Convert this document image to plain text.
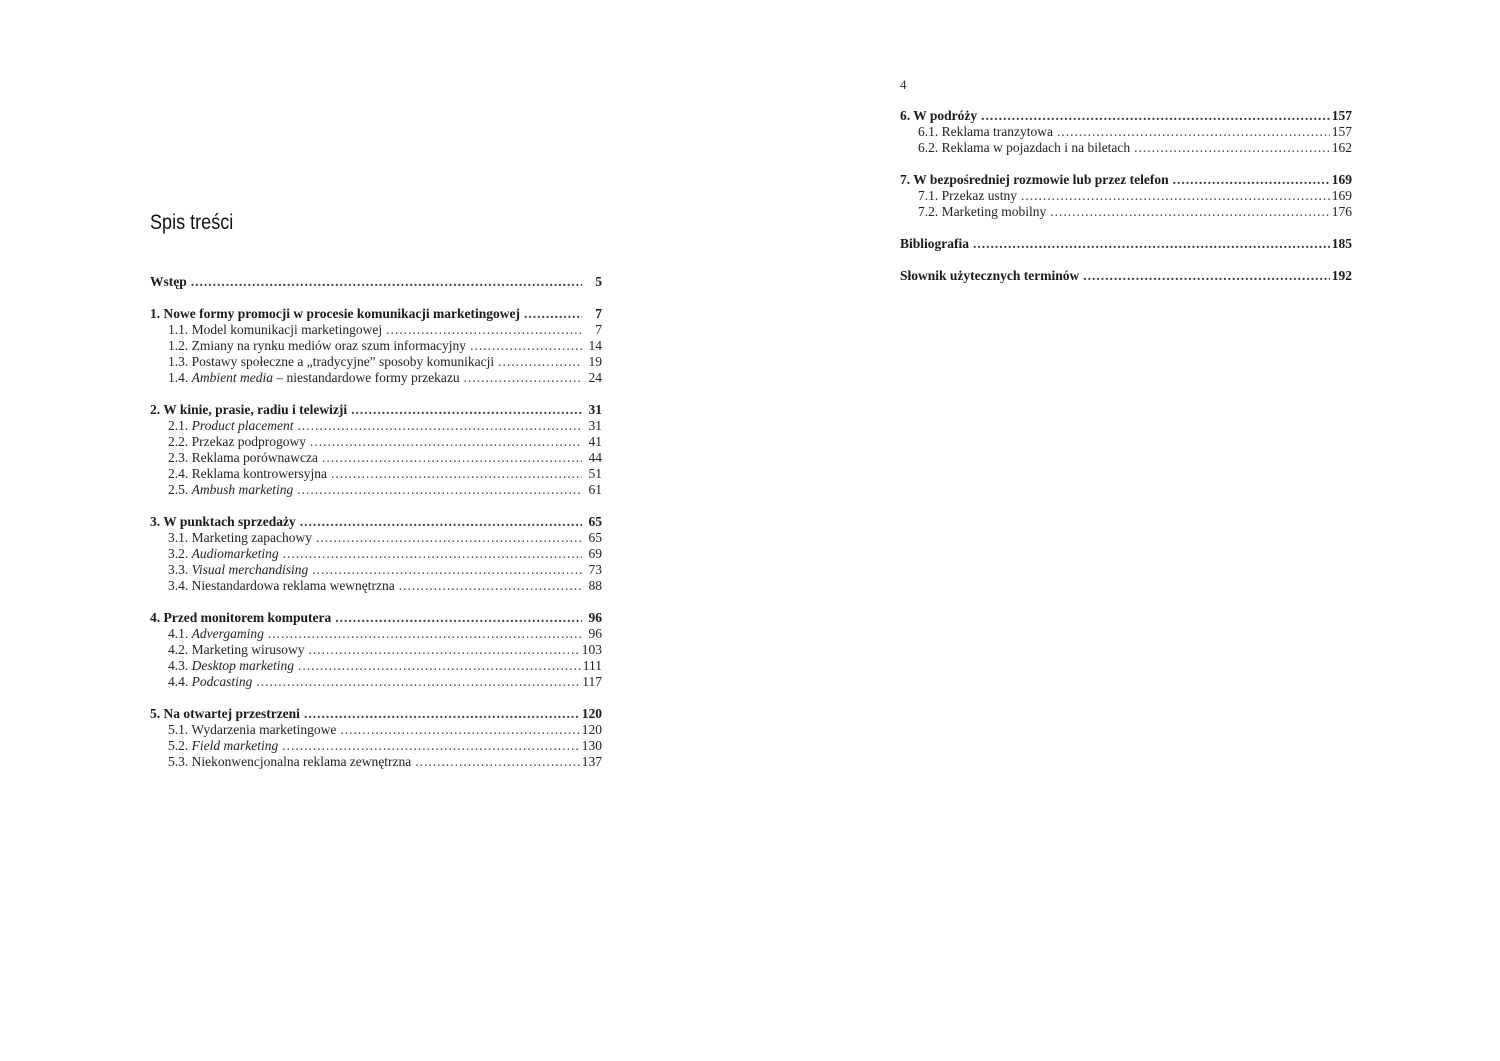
Spis treści
4
Wstęp .....	5
1. Nowe formy promocji w procesie komunikacji marketingowej .....	7
1.1. Model komunikacji marketingowej .....	7
1.2. Zmiany na rynku mediów oraz szum informacyjny .....	14
1.3. Postawy społeczne a „tradycyjne” sposoby komunikacji .....	19
1.4. Ambient media – niestandardowe formy przekazu .....	24
2. W kinie, prasie, radiu i telewizji .....	31
2.1. Product placement .....	31
2.2. Przekaz podprogowy .....	41
2.3. Reklama porównawcza .....	44
2.4. Reklama kontrowersyjna .....	51
2.5. Ambush marketing .....	61
3. W punktach sprzedaży .....	65
3.1. Marketing zapachowy .....	65
3.2. Audiomarketing .....	69
3.3. Visual merchandising .....	73
3.4. Niestandardowa reklama wewnętrzna .....	88
4. Przed monitorem komputera .....	96
4.1. Advergaming .....	96
4.2. Marketing wirusowy .....	103
4.3. Desktop marketing .....	111
4.4. Podcasting .....	117
5. Na otwartej przestrzeni .....	120
5.1. Wydarzenia marketingowe .....	120
5.2. Field marketing .....	130
5.3. Niekonwencjonalna reklama zewnętrzna .....	137
6. W podróży .....	157
6.1. Reklama tranzytowa .....	157
6.2. Reklama w pojazdach i na biletach .....	162
7. W bezpośredniej rozmowie lub przez telefon .....	169
7.1. Przekaz ustny .....	169
7.2. Marketing mobilny .....	176
Bibliografia .....	185
Słownik użytecznych terminów .....	192
